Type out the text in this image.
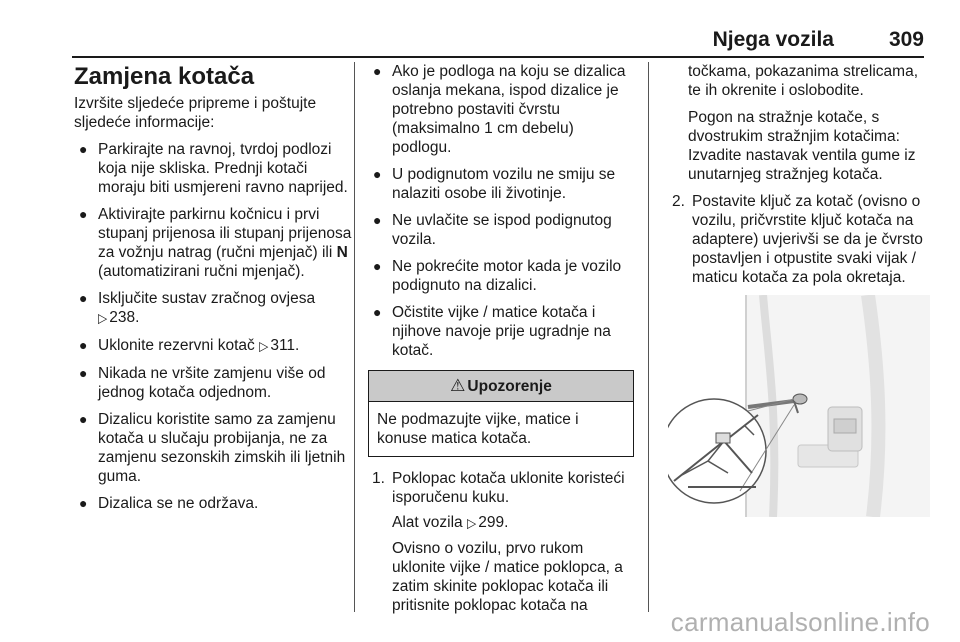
Njega vozila	309
Zamjena kotača

Izvršite sljedeće pripreme i poštujte sljedeće informacije:

● Parkirajte na ravnoj, tvrdoj podlozi koja nije skliska. Prednji kotači moraju biti usmjereni ravno naprijed.
● Aktivirajte parkirnu kočnicu i prvi stupanj prijenosa ili stupanj prijenosa za vožnju natrag (ručni mjenjač) ili N (automatizirani ručni mjenjač).
● Isključite sustav zračnog ovjesa
▷ 238.
● Uklonite rezervni kotač ▷ 311.
● Nikada ne vršite zamjenu više od jednog kotača odjednom.
● Dizalicu koristite samo za zamjenu kotača u slučaju probijanja, ne za zamjenu sezonskih zimskih ili ljetnih guma.
● Dizalica se ne održava.
● Ako je podloga na koju se dizalica oslanja mekana, ispod dizalice je potrebno postaviti čvrstu (maksimalno 1 cm debelu) podlogu.
● U podignutom vozilu ne smiju se nalaziti osobe ili životinje.
● Ne uvlačite se ispod podignutog vozila.
● Ne pokrećite motor kada je vozilo podignuto na dizalici.
● Očistite vijke / matice kotača i njihove navoje prije ugradnje na kotač.
⚠ Upozorenje
Ne podmazujte vijke, matice i konuse matica kotača.
1. Poklopac kotača uklonite koristeći isporučenu kuku.

Alat vozila ▷ 299.

Ovisno o vozilu, prvo rukom uklonite vijke / matice poklopca, a zatim skinite poklopac kotača ili pritisnite poklopac kotača na

točkama, pokazanima strelicama, te ih okrenite i oslobodite.

Pogon na stražnje kotače, s dvostrukim stražnjim kotačima: Izvadite nastavak ventila gume iz unutarnjeg stražnjeg kotača.

2. Postavite ključ za kotač (ovisno o vozilu, pričvrstite ključ kotača na adaptere) uvjerivši se da je čvrsto postavljen i otpustite svaki vijak / maticu kotača za pola okretaja.

carmanualsonline.info
